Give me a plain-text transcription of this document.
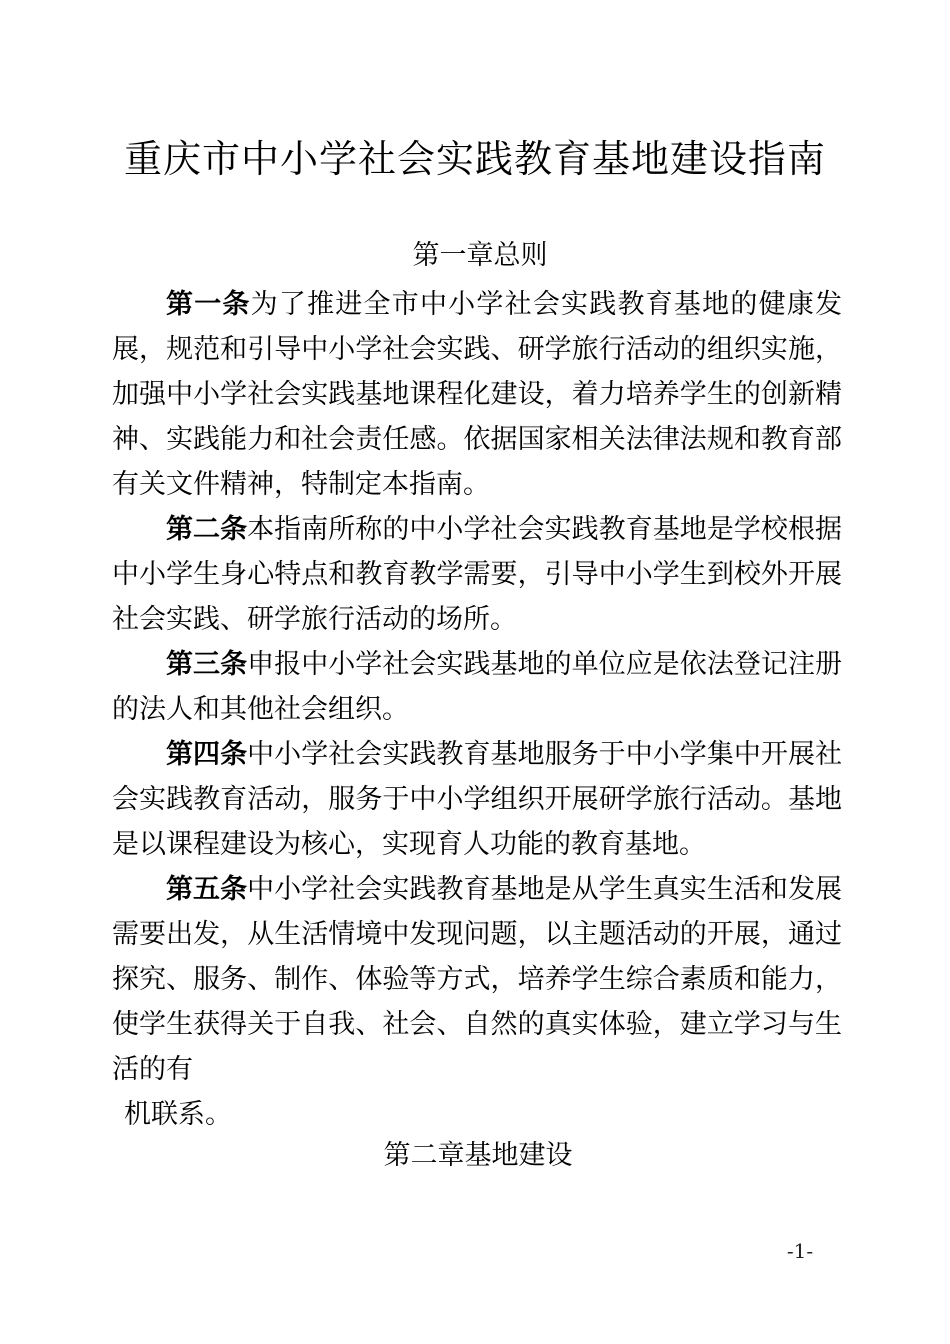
重庆市中小学社会实践教育基地建设指南
第一章总则

第一条为了推进全市中小学社会实践教育基地的健康发展，规范和引导中小学社会实践、研学旅行活动的组织实施，加强中小学社会实践基地课程化建设，着力培养学生的创新精神、实践能力和社会责任感。依据国家相关法律法规和教育部有关文件精神，特制定本指南。

第二条本指南所称的中小学社会实践教育基地是学校根据中小学生身心特点和教育教学需要，引导中小学生到校外开展社会实践、研学旅行活动的场所。

第三条申报中小学社会实践基地的单位应是依法登记注册的法人和其他社会组织。

第四条中小学社会实践教育基地服务于中小学集中开展社会实践教育活动，服务于中小学组织开展研学旅行活动。基地是以课程建设为核心，实现育人功能的教育基地。

第五条中小学社会实践教育基地是从学生真实生活和发展需要出发，从生活情境中发现问题，以主题活动的开展，通过探究、服务、制作、体验等方式，培养学生综合素质和能力，使学生获得关于自我、社会、自然的真实体验，建立学习与生活的有

机联系。

第二章基地建设
-1-
